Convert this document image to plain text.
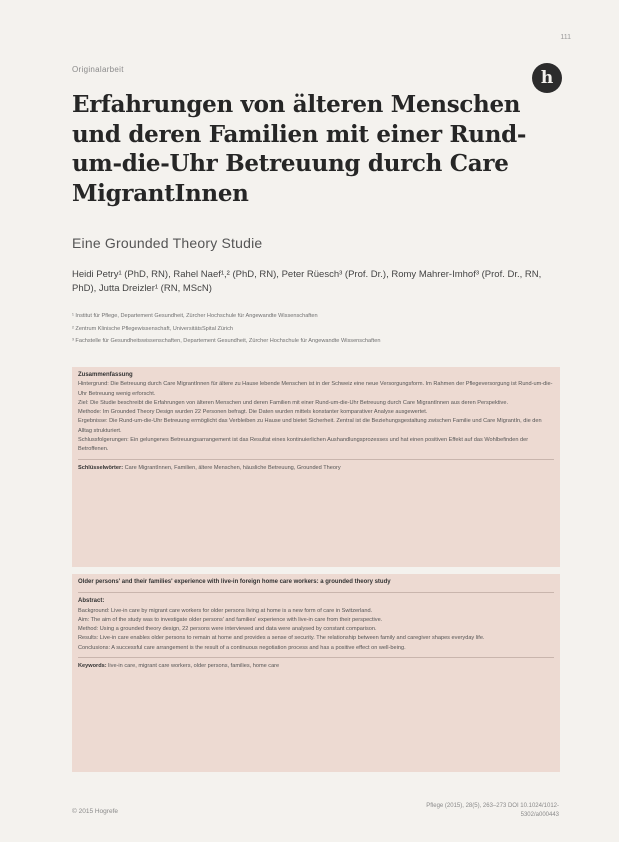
111
Originalarbeit	h
Erfahrungen von älteren Menschen und deren Familien mit einer Rund-um-die-Uhr Betreuung durch Care MigrantInnen
Eine Grounded Theory Studie
Heidi Petry¹ (PhD, RN), Rahel Naef¹,² (PhD, RN), Peter Rüesch³ (Prof. Dr.), Romy Mahrer-Imhof³ (Prof. Dr., RN, PhD), Jutta Dreizler¹ (RN, MScN)
¹ Institut für Pflege, Departement Gesundheit, Zürcher Hochschule für Angewandte Wissenschaften
² Zentrum Klinische Pflegewissenschaft, UniversitätsSpital Zürich
³ Fachstelle für Gesundheitswissenschaften, Departement Gesundheit, Zürcher Hochschule für Angewandte Wissenschaften
Zusammenfassung

Hintergrund: Die Betreuung durch Care MigrantInnen für ältere zu Hause lebende Menschen ist in der Schweiz eine neue Versorgungsform. Im Rahmen der Pflegeversorgung ist Rund-um-die-Uhr Betreuung wenig erforscht.

Ziel: Die Studie beschreibt die Erfahrungen von älteren Menschen und deren Familien mit einer Rund-um-die-Uhr Betreuung durch Care MigrantInnen aus deren Perspektive.

Methode: Im Grounded Theory Design wurden 22 Personen befragt. Die Daten wurden mittels konstanter komparativer Analyse ausgewertet.

Ergebnisse: Die Rund-um-die-Uhr Betreuung ermöglicht das Verbleiben zu Hause und bietet Sicherheit. Zentral ist die Beziehungsgestaltung zwischen Familie und Care MigrantIn, die den Alltag strukturiert.

Schlussfolgerungen: Ein gelungenes Betreuungsarrangement ist das Resultat eines kontinuierlichen Aushandlungsprozesses und hat einen positiven Effekt auf das Wohlbefinden der Betroffenen.

Schlüsselwörter: Care MigrantInnen, Familien, ältere Menschen, häusliche Betreuung, Grounded Theory
Older persons' and their families' experience with live-in foreign home care workers: a grounded theory study
Abstract:

Background: Live-in care by migrant care workers for older persons living at home is a new form of care in Switzerland.

Aim: The aim of the study was to investigate older persons' and families' experience with live-in care from their perspective.

Method: Using a grounded theory design, 22 persons were interviewed and data were analysed by constant comparison.

Results: Live-in care enables older persons to remain at home and provides a sense of security. The relationship between family and caregiver shapes everyday life.

Conclusions: A successful care arrangement is the result of a continuous negotiation process and has a positive effect on well-being.

Keywords: live-in care, migrant care workers, older persons, families, home care
© 2015 Hogrefe
Pflege (2015), 28(5), 263–273 DOI 10.1024/1012-5302/a000443
